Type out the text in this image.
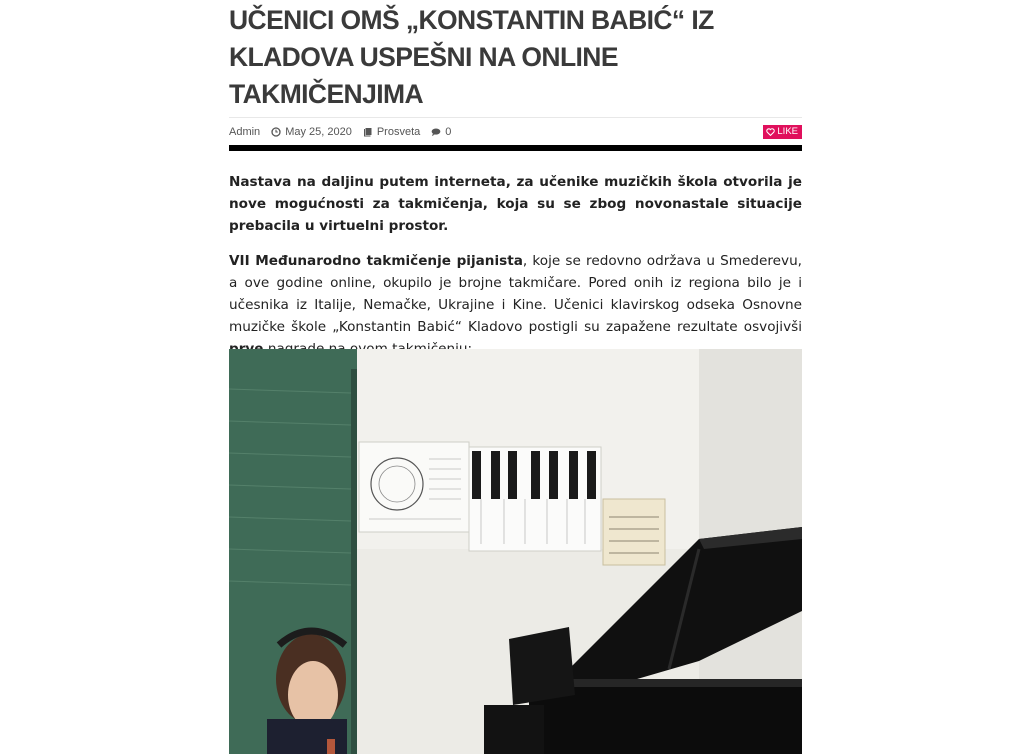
UČENICI OMŠ „KONSTANTIN BABIĆ“ IZ KLADOVA USPEŠNI NA ONLINE TAKMIČENJIMA
Admin May 25, 2020 Prosveta 0	LIKE

Nastava na daljinu putem interneta, za učenike muzičkih škola otvorila je nove mogućnosti za takmičenja, koja su se zbog novonastale situacije prebacila u virtuelni prostor.

VII Međunarodno takmičenje pijanista, koje se redovno održava u Smederevu, a ove godine online, okupilo je brojne takmičare. Pored onih iz regiona bilo je i učesnika iz Italije, Nemačke, Ukrajine i Kine. Učenici klavirskog odseka Osnovne muzičke škole „Konstantin Babić“ Kladovo postigli su zapažene rezultate osvojivši
